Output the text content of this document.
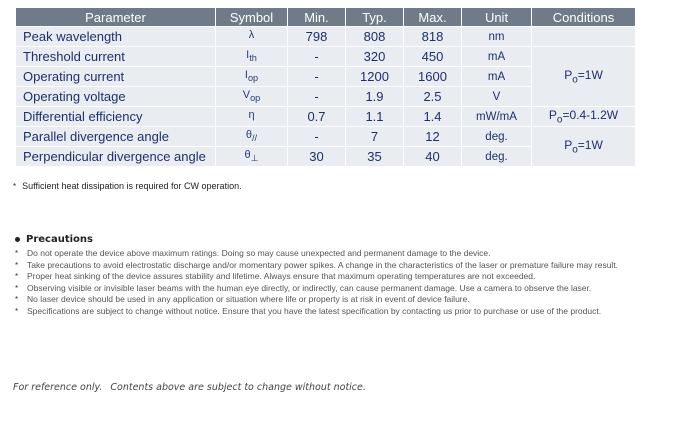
Parameter	Symbol	Min.	Typ.	Max.	Unit	Conditions
Peak wavelength	λ	798	808	818	nm	
Threshold current	$I_{th}$	-	320	450	mA	$P_o=1W$
Operating current	$I_{op}$	-	1200	1600	mA	
Operating voltage	$V_{op}$	-	1.9	2.5	V	
Differential efficiency	η	0.7	1.1	1.4	mW/mA	$P_o=0.4-1.2W$
Parallel divergence angle	$\theta_{//}$	-	7	12	deg.	$P_o=1W$
Perpendicular divergence angle	$\theta_\perp$	30	35	40	deg.	
* Sufficient heat dissipation is required for CW operation.
Precautions
* Do not operate the device above maximum ratings. Doing so may cause unexpected and permanent damage to the device.
* Take precautions to avoid electrostatic discharge and/or momentary power spikes. A change in the characteristics of the laser or premature failure may result.
* Proper heat sinking of the device assures stability and lifetime. Always ensure that maximum operating temperatures are not exceeded.
* Observing visible or invisible laser beams with the human eye directly, or indirectly, can cause permanent damage. Use a camera to observe the laser.
* No laser device should be used in any application or situation where life or property is at risk in event of device failure.
* Specifications are subject to change without notice. Ensure that you have the latest specification by contacting us prior to purchase or use of the product.
For reference only. Contents above are subject to change without notice.
